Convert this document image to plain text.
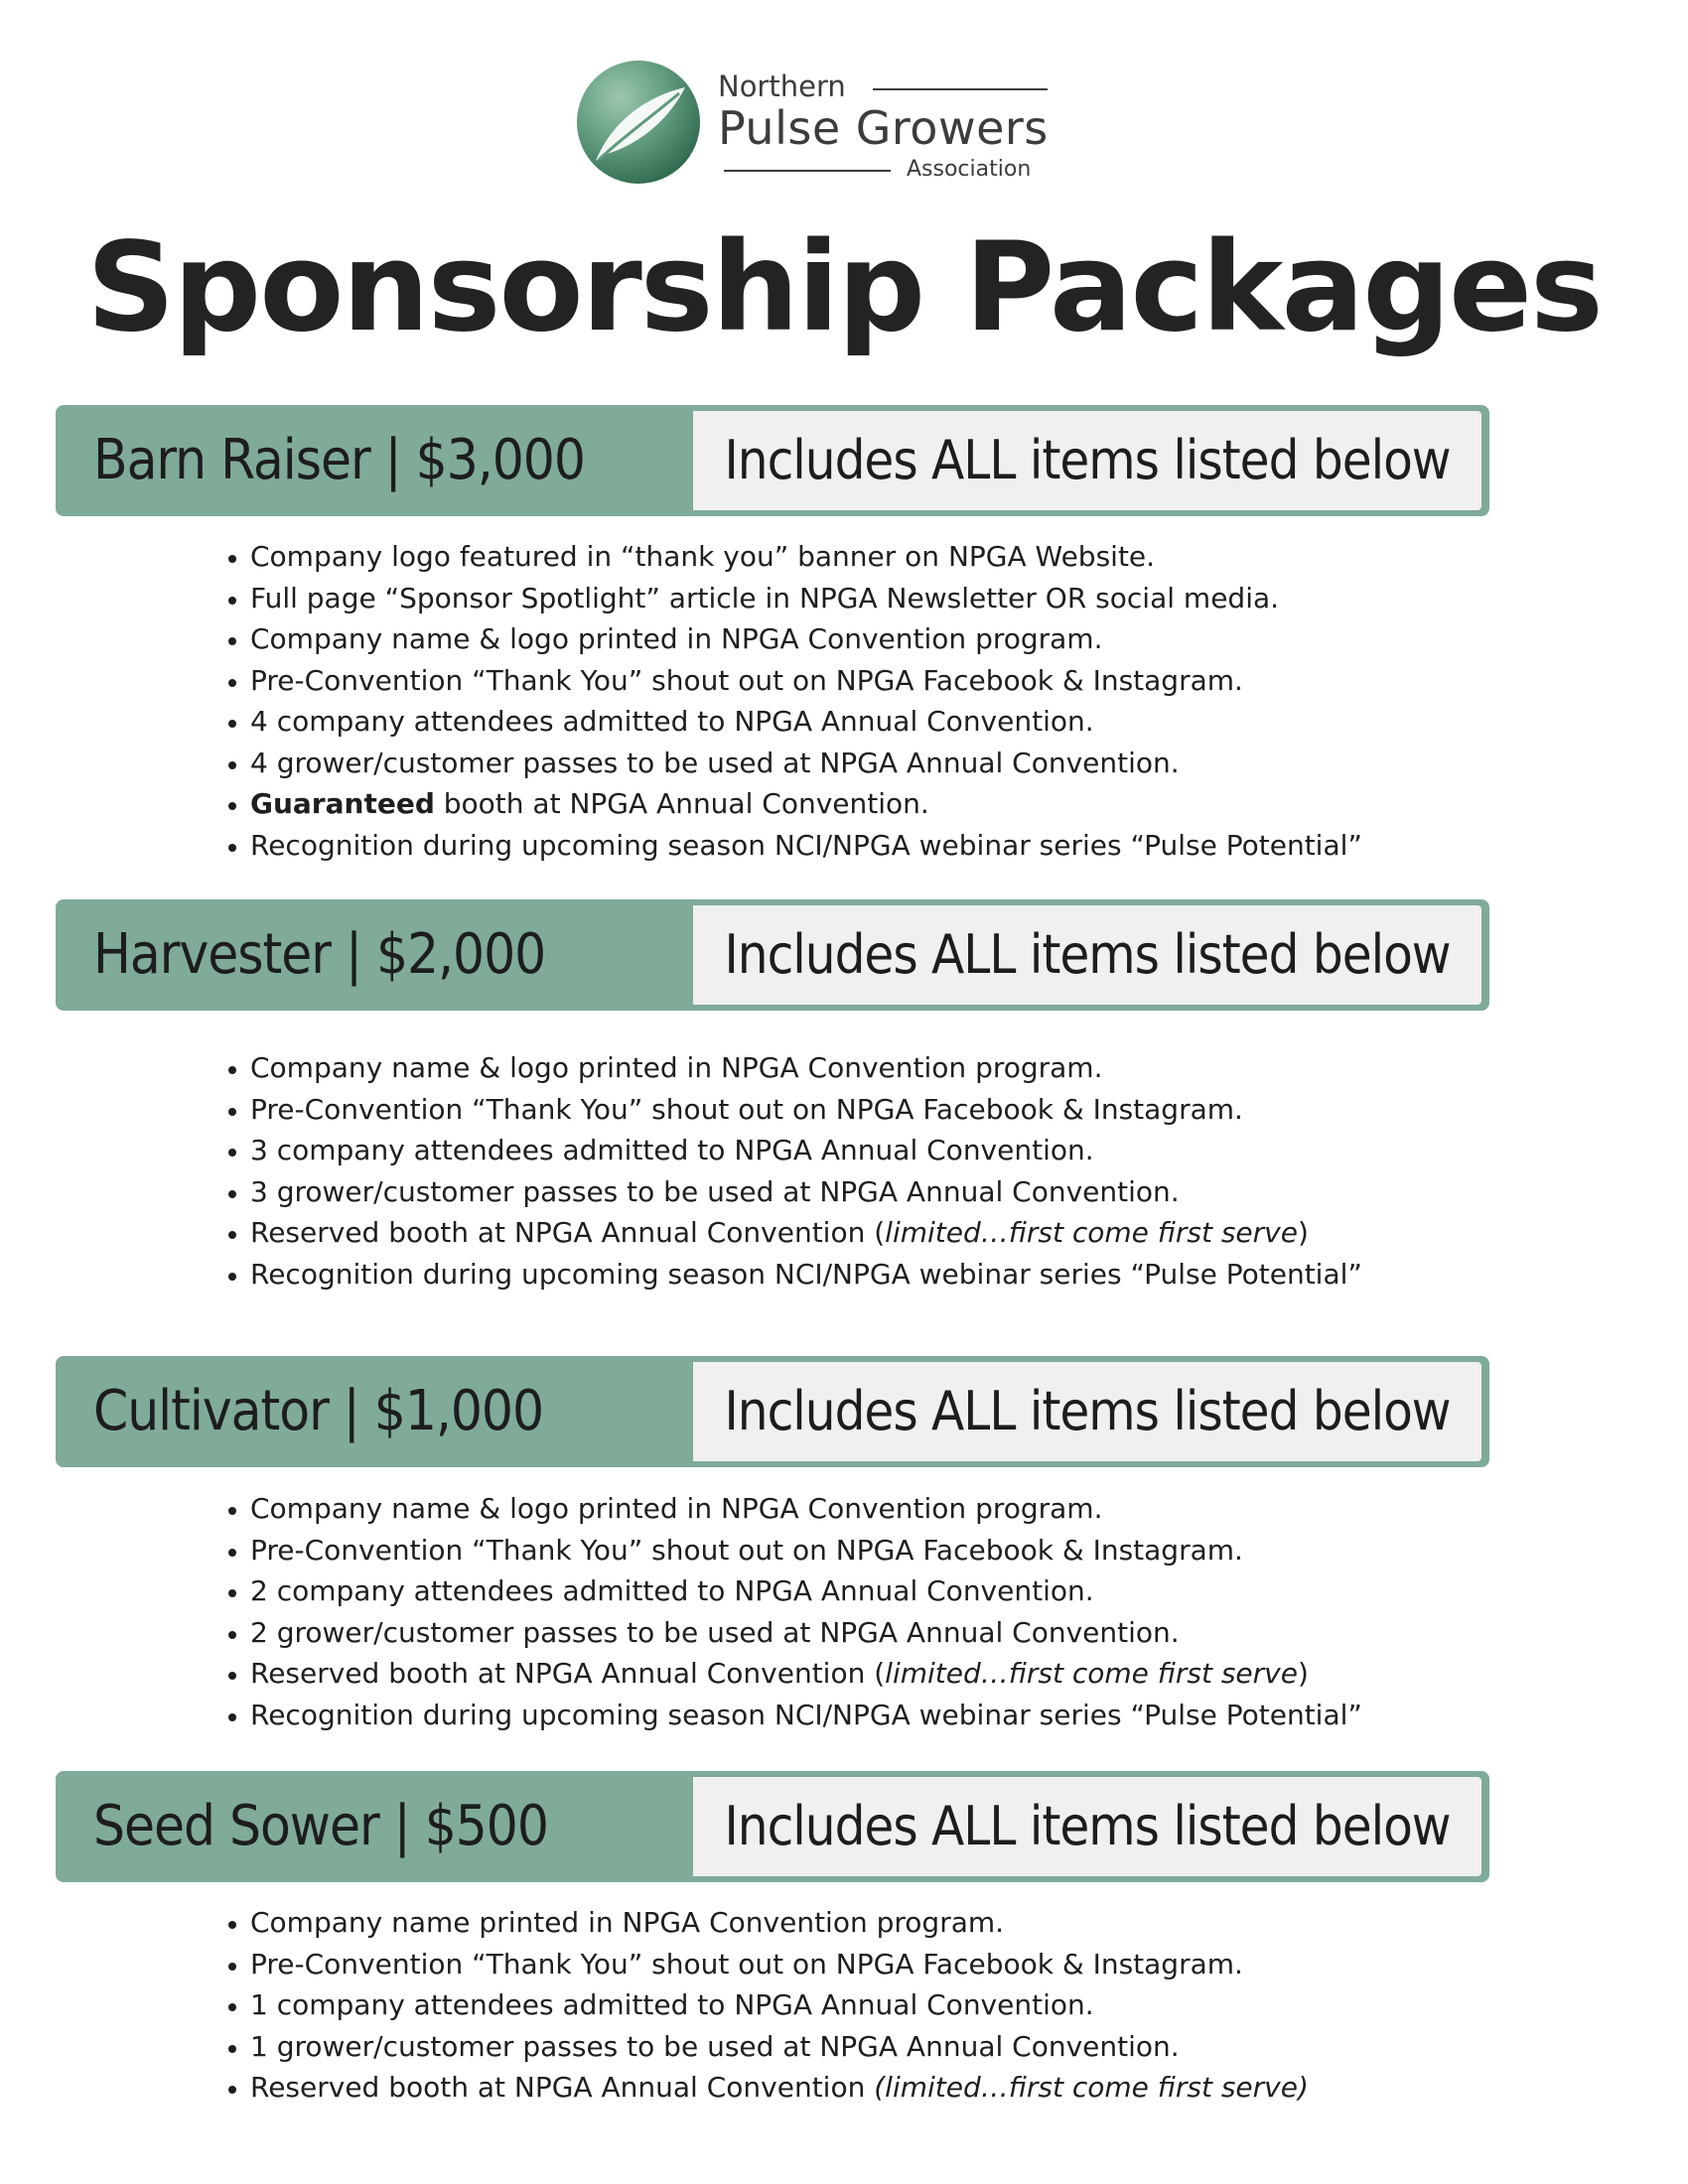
Northern
Pulse Growers
Association
Sponsorship Packages
Barn Raiser | $3,000	Includes ALL items listed below
• Company logo featured in “thank you” banner on NPGA Website.
• Full page “Sponsor Spotlight” article in NPGA Newsletter OR social media.
• Company name & logo printed in NPGA Convention program.
• Pre-Convention “Thank You” shout out on NPGA Facebook & Instagram.
• 4 company attendees admitted to NPGA Annual Convention.
• 4 grower/customer passes to be used at NPGA Annual Convention.
• Guaranteed booth at NPGA Annual Convention.
• Recognition during upcoming season NCI/NPGA webinar series “Pulse Potential”
Harvester | $2,000	Includes ALL items listed below
• Company name & logo printed in NPGA Convention program.
• Pre-Convention “Thank You” shout out on NPGA Facebook & Instagram.
• 3 company attendees admitted to NPGA Annual Convention.
• 3 grower/customer passes to be used at NPGA Annual Convention.
• Reserved booth at NPGA Annual Convention (limited…first come first serve)
• Recognition during upcoming season NCI/NPGA webinar series “Pulse Potential”
Cultivator | $1,000	Includes ALL items listed below
• Company name & logo printed in NPGA Convention program.
• Pre-Convention “Thank You” shout out on NPGA Facebook & Instagram.
• 2 company attendees admitted to NPGA Annual Convention.
• 2 grower/customer passes to be used at NPGA Annual Convention.
• Reserved booth at NPGA Annual Convention (limited…first come first serve)
• Recognition during upcoming season NCI/NPGA webinar series “Pulse Potential”
Seed Sower | $500	Includes ALL items listed below
• Company name printed in NPGA Convention program.
• Pre-Convention “Thank You” shout out on NPGA Facebook & Instagram.
• 1 company attendees admitted to NPGA Annual Convention.
• 1 grower/customer passes to be used at NPGA Annual Convention.
• Reserved booth at NPGA Annual Convention (limited…first come first serve)
